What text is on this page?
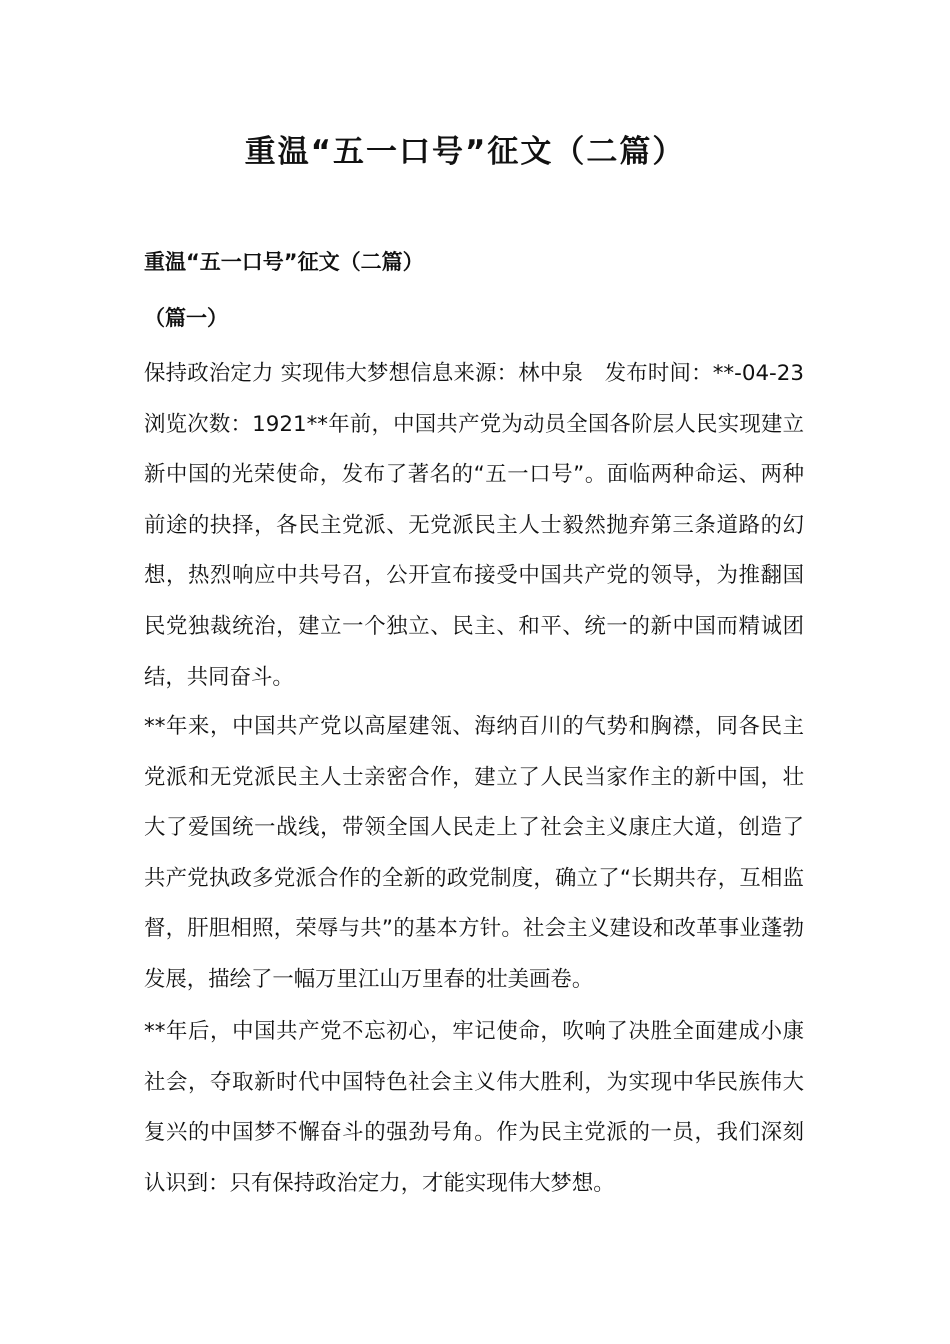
重温“五一口号”征文（二篇）
重温“五一口号”征文（二篇）
（篇一）

保持政治定力 实现伟大梦想信息来源：林中泉　发布时间：**-04-23　浏览次数：1921**年前，中国共产党为动员全国各阶层人民实现建立新中国的光荣使命，发布了著名的“五一口号”。面临两种命运、两种前途的抉择，各民主党派、无党派民主人士毅然抛弃第三条道路的幻想，热烈响应中共号召，公开宣布接受中国共产党的领导，为推翻国民党独裁统治，建立一个独立、民主、和平、统一的新中国而精诚团结，共同奋斗。

**年来，中国共产党以高屋建瓴、海纳百川的气势和胸襟，同各民主党派和无党派民主人士亲密合作，建立了人民当家作主的新中国，壮大了爱国统一战线，带领全国人民走上了社会主义康庄大道，创造了共产党执政多党派合作的全新的政党制度，确立了“长期共存，互相监督，肝胆相照，荣辱与共”的基本方针。社会主义建设和改革事业蓬勃发展，描绘了一幅万里江山万里春的壮美画卷。

**年后，中国共产党不忘初心，牢记使命，吹响了决胜全面建成小康社会，夺取新时代中国特色社会主义伟大胜利，为实现中华民族伟大复兴的中国梦不懈奋斗的强劲号角。作为民主党派的一员，我们深刻认识到：只有保持政治定力，才能实现伟大梦想。
